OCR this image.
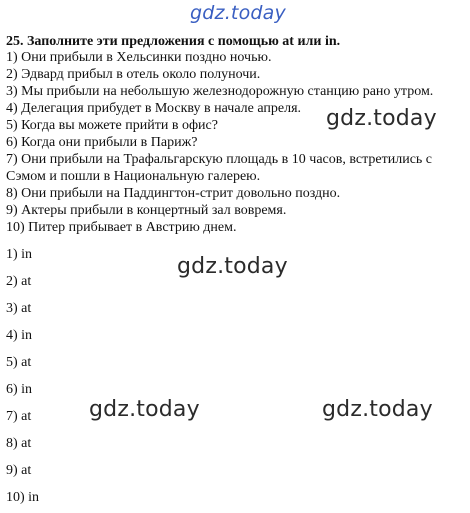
gdz.today
25. Заполните эти предложения с помощью at или in.
1) Они прибыли в Хельсинки поздно ночью.
2) Эдвард прибыл в отель около полуночи.
3) Мы прибыли на небольшую железнодорожную станцию рано утром.
4) Делегация прибудет в Москву в начале апреля.
5) Когда вы можете прийти в офис?
6) Когда они прибыли в Париж?
7) Они прибыли на Трафальгарскую площадь в 10 часов, встретились с
Сэмом и пошли в Национальную галерею.
8) Они прибыли на Паддингтон-стрит довольно поздно.
9) Актеры прибыли в концертный зал вовремя.
10) Питер прибывает в Австрию днем.
1) in
2) at
3) at
4) in
5) at
6) in
7) at
8) at
9) at
10) in
gdz.today
gdz.today
gdz.today	gdz.today
